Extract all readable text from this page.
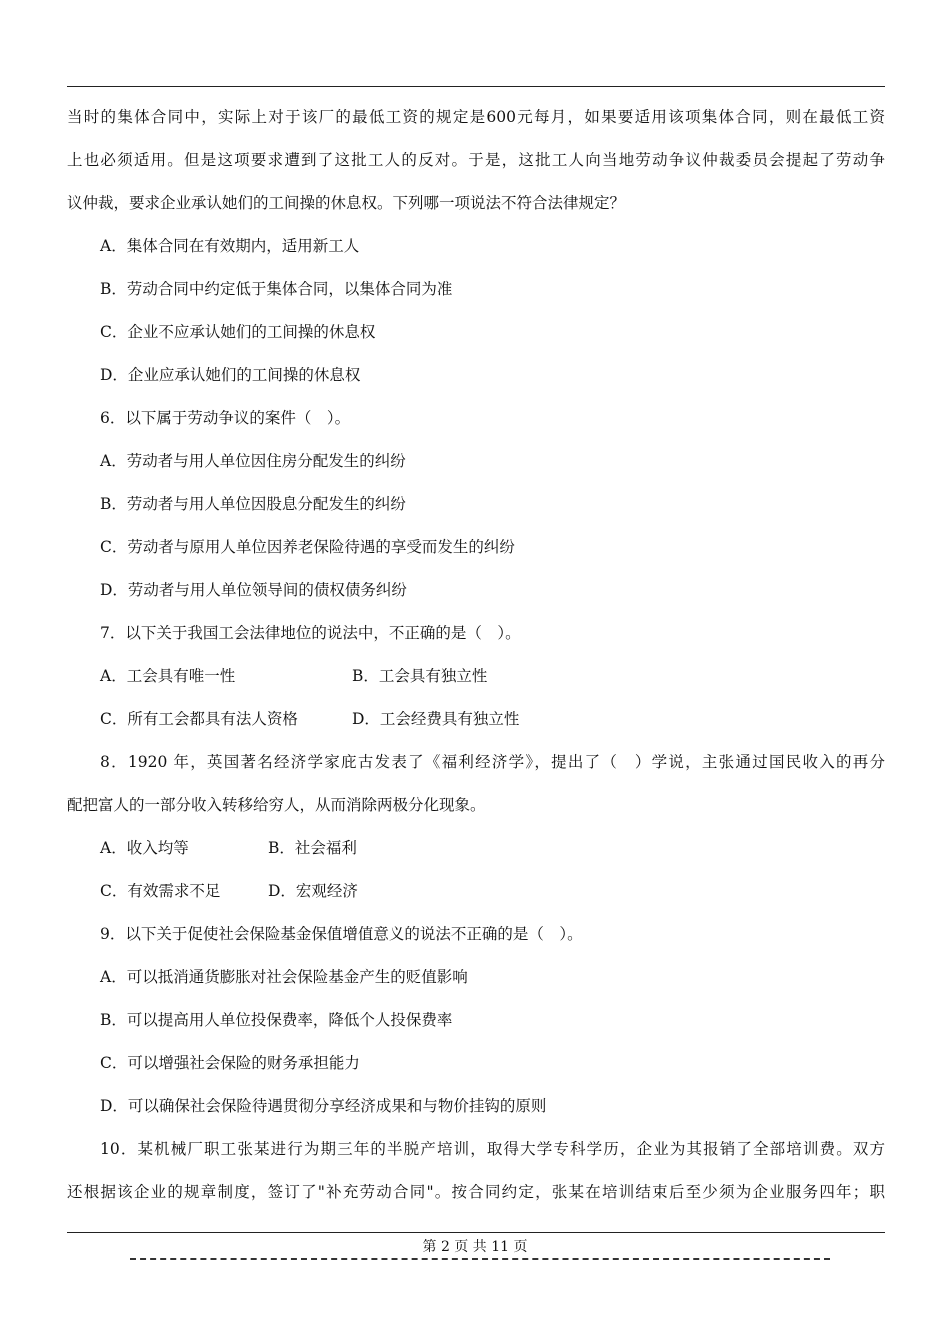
当时的集体合同中，实际上对于该厂的最低工资的规定是600元每月，如果要适用该项集体合同，则在最低工资
上也必须适用。但是这项要求遭到了这批工人的反对。于是，这批工人向当地劳动争议仲裁委员会提起了劳动争
议仲裁，要求企业承认她们的工间操的休息权。下列哪一项说法不符合法律规定？
A．集体合同在有效期内，适用新工人
B．劳动合同中约定低于集体合同，以集体合同为准
C．企业不应承认她们的工间操的休息权
D．企业应承认她们的工间操的休息权
6．以下属于劳动争议的案件（　）。
A．劳动者与用人单位因住房分配发生的纠纷
B．劳动者与用人单位因股息分配发生的纠纷
C．劳动者与原用人单位因养老保险待遇的享受而发生的纠纷
D．劳动者与用人单位领导间的债权债务纠纷
7．以下关于我国工会法律地位的说法中，不正确的是（　）。
A．工会具有唯一性	B．工会具有独立性
C．所有工会都具有法人资格	D．工会经费具有独立性
8．1920 年，英国著名经济学家庇古发表了《福利经济学》，提出了（　）学说，主张通过国民收入的再分
配把富人的一部分收入转移给穷人，从而消除两极分化现象。
A．收入均等	B．社会福利
C．有效需求不足	D．宏观经济
9．以下关于促使社会保险基金保值增值意义的说法不正确的是（　）。
A．可以抵消通货膨胀对社会保险基金产生的贬值影响
B．可以提高用人单位投保费率，降低个人投保费率
C．可以增强社会保险的财务承担能力
D．可以确保社会保险待遇贯彻分享经济成果和与物价挂钩的原则
10．某机械厂职工张某进行为期三年的半脱产培训，取得大学专科学历，企业为其报销了全部培训费。双方
还根据该企业的规章制度，签订了"补充劳动合同"。按合同约定，张某在培训结束后至少须为企业服务四年；职
第 2 页 共 11 页
